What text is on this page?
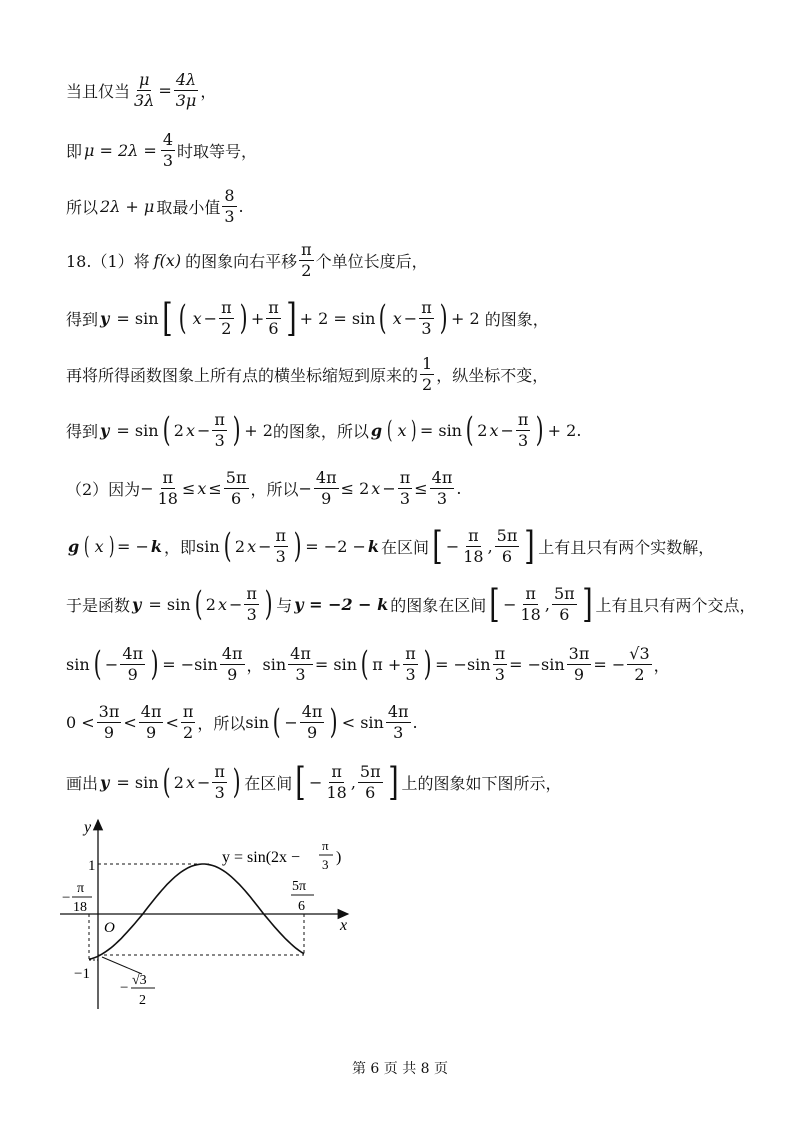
当且仅当 $\frac{\mu}{3\lambda} = \frac{4\lambda}{3\mu}$ ，
即 $\mu = 2\lambda = \frac{4}{3}$ 时取等号，
所以 2λ + μ 取最小值 $\frac{8}{3}$ .
18.（1）将 f(x) 的图象向右平移 $\frac{\pi}{2}$ 个单位长度后，
得到 y = sin [ ( $x - \frac{\pi}{2}$ ) + $\frac{\pi}{6}$ ] + 2 = sin ( $x - \frac{\pi}{3}$ ) + 2 的图象，
再将所得函数图象上所有点的横坐标缩短到原来的 $\frac{1}{2}$ ，纵坐标不变，
得到 y = sin ( 2 $x - \frac{\pi}{3}$ ) + 2 的图象，所以 g ( x ) = sin ( 2 $x - \frac{\pi}{3}$ ) + 2 .
（2）因为 − $\frac{\pi}{18} \le x \le \frac{5\pi}{6}$ ，所以 − $\frac{4\pi}{9} \le 2$ $x - \frac{\pi}{3} \le \frac{4\pi}{3}$ .
g ( x ) = − k ，即 sin ( 2 $x - \frac{\pi}{3}$ ) = −2 − k 在区间 [ − $\frac{\pi}{18}$ , $\frac{5\pi}{6}$ ] 上有且只有两个实数解，
于是函数 y = sin ( 2 $x - \frac{\pi}{3}$ ) 与 y = −2 − k 的图象在区间 [ − $\frac{\pi}{18}$ , $\frac{5\pi}{6}$ ] 上有且只有两个交点，
sin ( − $\frac{4\pi}{9}$ ) = $-\sin \frac{4\pi}{9}$ ， $\sin \frac{4\pi}{3} = \sin$ ( $\pi + \frac{\pi}{3}$ ) = $-\sin \frac{\pi}{3} = -\sin \frac{3\pi}{9}$ = − $\frac{√3}{2}$ ，
$0 < \frac{3\pi}{9} < \frac{4\pi}{9} < \frac{\pi}{2}$ ，所以 sin ( − $\frac{4\pi}{9}$ ) < $\sin \frac{4\pi}{3}$ .
画出 y = sin ( 2 $x - \frac{\pi}{3}$ ) 在区间 [ − $\frac{\pi}{18}$ , $\frac{5\pi}{6}$ ] 上的图象如下图所示，
y
x
O
1
−1
−
π
18
5π
6
− √3
2
y = sin(2x −
π
3 )
第 6 页 共 8 页
